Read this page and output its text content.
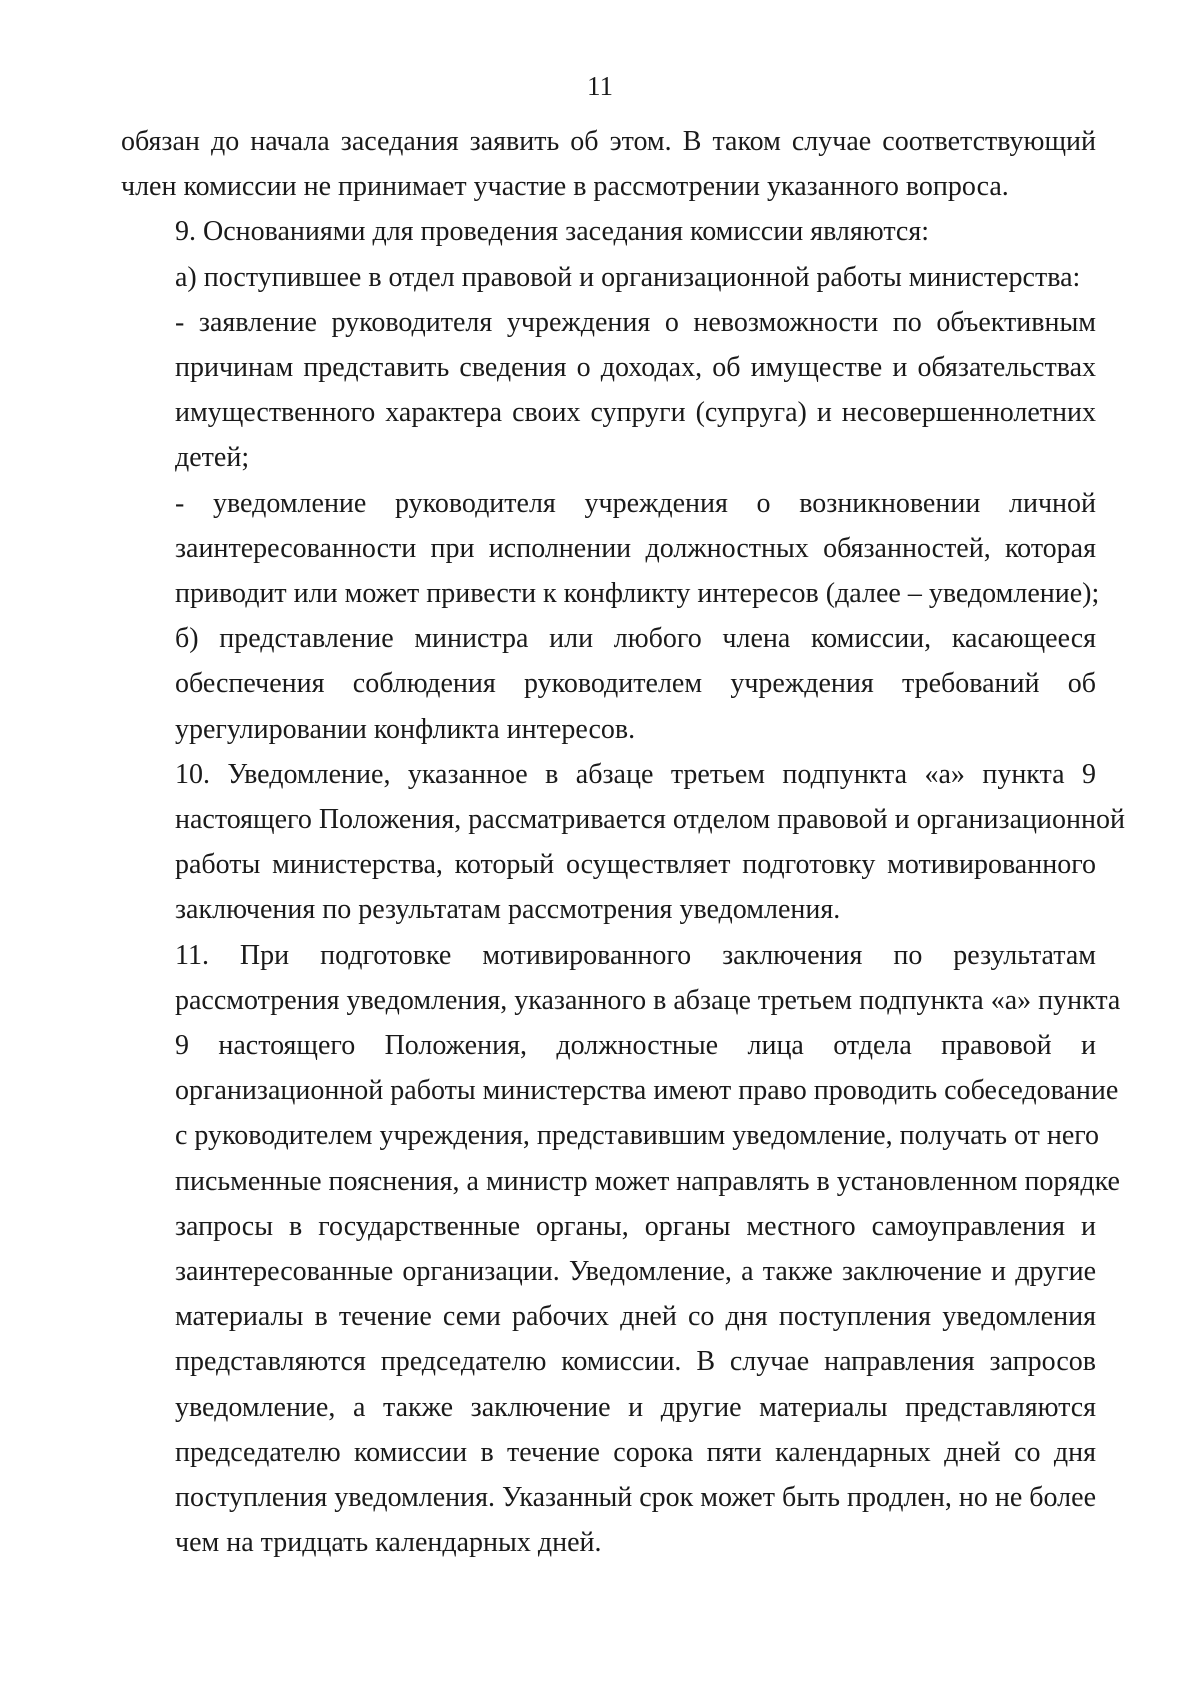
11

обязан до начала заседания заявить об этом. В таком случае соответствующий
член комиссии не принимает участие в рассмотрении указанного вопроса.

9. Основаниями для проведения заседания комиссии являются:

а) поступившее в отдел правовой и организационной работы министерства:

- заявление руководителя учреждения о невозможности по объективным
причинам представить сведения о доходах, об имуществе и обязательствах
имущественного характера своих супруги (супруга) и несовершеннолетних
детей;

- уведомление руководителя учреждения о возникновении личной
заинтересованности при исполнении должностных обязанностей, которая
приводит или может привести к конфликту интересов (далее – уведомление);

б) представление министра или любого члена комиссии, касающееся
обеспечения соблюдения руководителем учреждения требований об
урегулировании конфликта интересов.

10. Уведомление, указанное в абзаце третьем подпункта «а» пункта 9
настоящего Положения, рассматривается отделом правовой и организационной
работы министерства, который осуществляет подготовку мотивированного
заключения по результатам рассмотрения уведомления.

11. При подготовке мотивированного заключения по результатам
рассмотрения уведомления, указанного в абзаце третьем подпункта «а» пункта
9 настоящего Положения, должностные лица отдела правовой и
организационной работы министерства имеют право проводить собеседование
с руководителем учреждения, представившим уведомление, получать от него
письменные пояснения, а министр может направлять в установленном порядке
запросы в государственные органы, органы местного самоуправления и
заинтересованные организации. Уведомление, а также заключение и другие
материалы в течение семи рабочих дней со дня поступления уведомления
представляются председателю комиссии. В случае направления запросов
уведомление, а также заключение и другие материалы представляются
председателю комиссии в течение сорока пяти календарных дней со дня
поступления уведомления. Указанный срок может быть продлен, но не более
чем на тридцать календарных дней.
